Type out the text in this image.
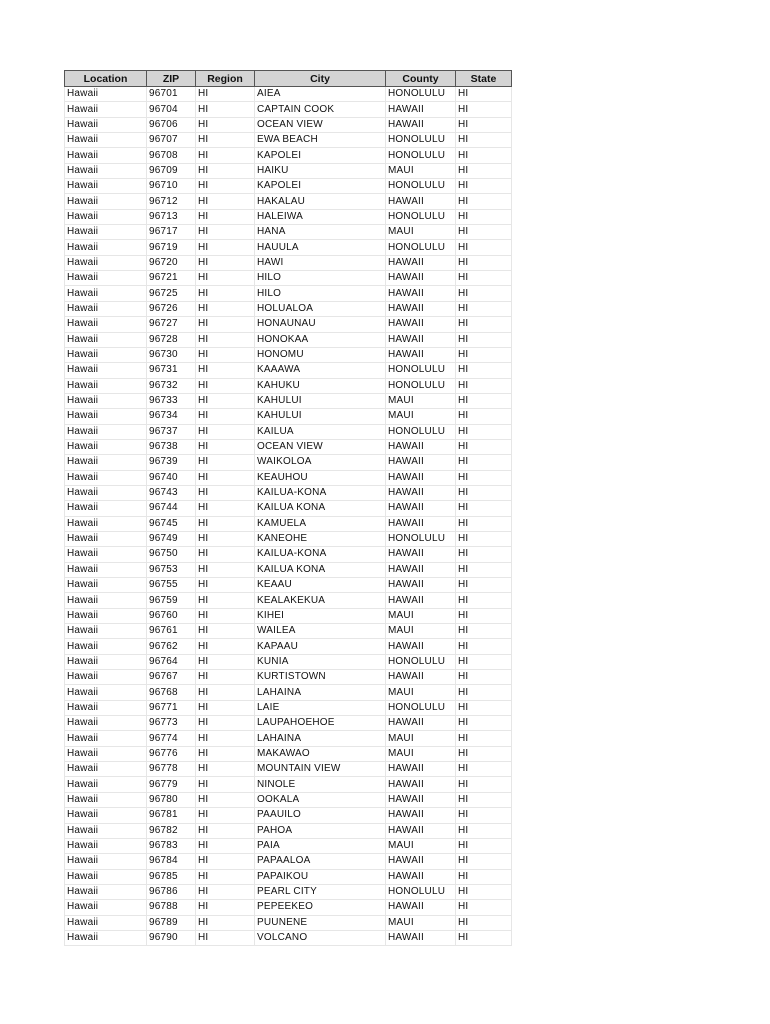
Location	ZIP	Region	City	County	State
Hawaii	96701	HI	AIEA	HONOLULU	HI
Hawaii	96704	HI	CAPTAIN COOK	HAWAII	HI
Hawaii	96706	HI	OCEAN VIEW	HAWAII	HI
Hawaii	96707	HI	EWA BEACH	HONOLULU	HI
Hawaii	96708	HI	KAPOLEI	HONOLULU	HI
Hawaii	96709	HI	HAIKU	MAUI	HI
Hawaii	96710	HI	KAPOLEI	HONOLULU	HI
Hawaii	96712	HI	HAKALAU	HAWAII	HI
Hawaii	96713	HI	HALEIWA	HONOLULU	HI
Hawaii	96717	HI	HANA	MAUI	HI
Hawaii	96719	HI	HAUULA	HONOLULU	HI
Hawaii	96720	HI	HAWI	HAWAII	HI
Hawaii	96721	HI	HILO	HAWAII	HI
Hawaii	96725	HI	HILO	HAWAII	HI
Hawaii	96726	HI	HOLUALOA	HAWAII	HI
Hawaii	96727	HI	HONAUNAU	HAWAII	HI
Hawaii	96728	HI	HONOKAA	HAWAII	HI
Hawaii	96730	HI	HONOMU	HAWAII	HI
Hawaii	96731	HI	KAAAWA	HONOLULU	HI
Hawaii	96732	HI	KAHUKU	HONOLULU	HI
Hawaii	96733	HI	KAHULUI	MAUI	HI
Hawaii	96734	HI	KAHULUI	MAUI	HI
Hawaii	96737	HI	KAILUA	HONOLULU	HI
Hawaii	96738	HI	OCEAN VIEW	HAWAII	HI
Hawaii	96739	HI	WAIKOLOA	HAWAII	HI
Hawaii	96740	HI	KEAUHOU	HAWAII	HI
Hawaii	96743	HI	KAILUA-KONA	HAWAII	HI
Hawaii	96744	HI	KAILUA KONA	HAWAII	HI
Hawaii	96745	HI	KAMUELA	HAWAII	HI
Hawaii	96749	HI	KANEOHE	HONOLULU	HI
Hawaii	96750	HI	KAILUA-KONA	HAWAII	HI
Hawaii	96753	HI	KAILUA KONA	HAWAII	HI
Hawaii	96755	HI	KEAAU	HAWAII	HI
Hawaii	96759	HI	KEALAKEKUA	HAWAII	HI
Hawaii	96760	HI	KIHEI	MAUI	HI
Hawaii	96761	HI	WAILEA	MAUI	HI
Hawaii	96762	HI	KAPAAU	HAWAII	HI
Hawaii	96764	HI	KUNIA	HONOLULU	HI
Hawaii	96767	HI	KURTISTOWN	HAWAII	HI
Hawaii	96768	HI	LAHAINA	MAUI	HI
Hawaii	96771	HI	LAIE	HONOLULU	HI
Hawaii	96773	HI	LAUPAHOEHOE	HAWAII	HI
Hawaii	96774	HI	LAHAINA	MAUI	HI
Hawaii	96776	HI	MAKAWAO	MAUI	HI
Hawaii	96778	HI	MOUNTAIN VIEW	HAWAII	HI
Hawaii	96779	HI	NINOLE	HAWAII	HI
Hawaii	96780	HI	OOKALA	HAWAII	HI
Hawaii	96781	HI	PAAUILO	HAWAII	HI
Hawaii	96782	HI	PAHOA	HAWAII	HI
Hawaii	96783	HI	PAIA	MAUI	HI
Hawaii	96784	HI	PAPAALOA	HAWAII	HI
Hawaii	96785	HI	PAPAIKOU	HAWAII	HI
Hawaii	96786	HI	PEARL CITY	HONOLULU	HI
Hawaii	96788	HI	PEPEEKEO	HAWAII	HI
Hawaii	96789	HI	PUUNENE	MAUI	HI
Hawaii	96790	HI	VOLCANO	HAWAII	HI
